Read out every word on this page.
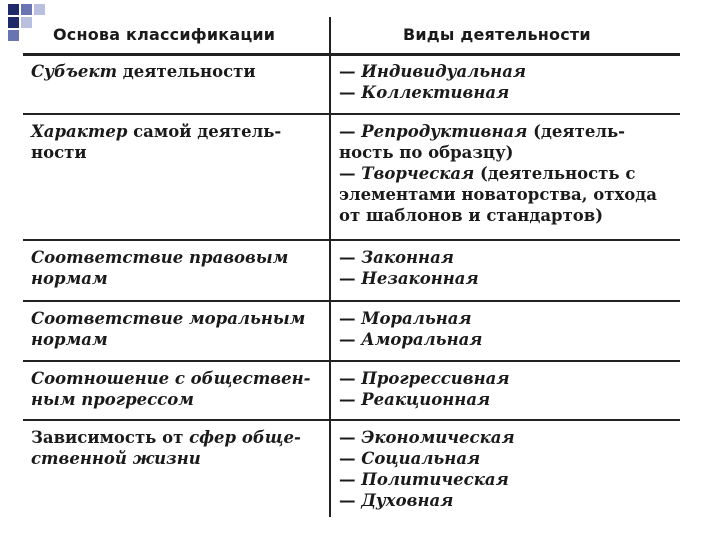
Основа классификации	Виды деятельности
Субъект деятельности	— Индивидуальная
— Коллективная
Характер самой деятель-
ности
— Репродуктивная (деятель-
ность по образцу)
— Творческая (деятельность с
элементами новаторства, отхода
от шаблонов и стандартов)
Соответствие правовым
нормам
— Законная
— Незаконная
Соответствие моральным
нормам
— Моральная
— Аморальная
Соотношение с обществен-
ным прогрессом
— Прогрессивная
— Реакционная
Зависимость от сфер обще-
ственной жизни
— Экономическая
— Социальная
— Политическая
— Духовная
